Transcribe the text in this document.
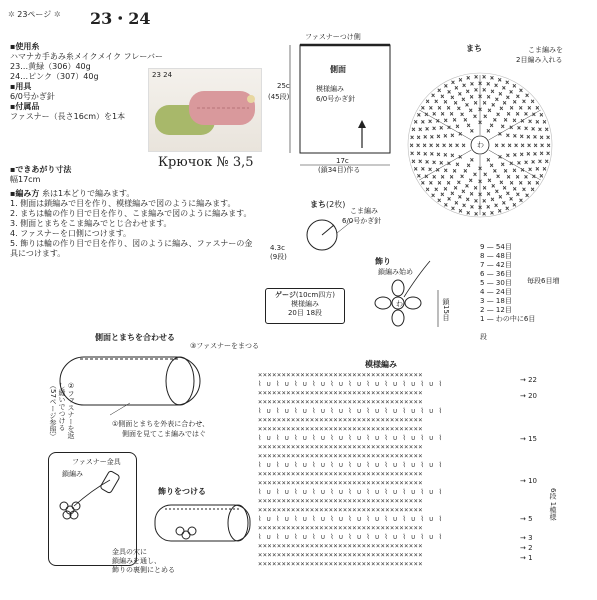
✲ 23ページ ✲ 23・24
▪使用糸
ハマナカ手あみ糸メイクメイク フレーバー
23…黄緑（306）40g
24…ピンク（307）40g
▪用具
6/0号かぎ針
▪付属品
ファスナー（長さ16cm）を1本
23 24
Крючок № 3,5
▪できあがり寸法
幅17cm
▪編み方 糸は1本どりで編みます。
1. 側面は鎖編みで目を作り、模様編みで図のように編みます。
2. まちは輪の作り目で目を作り、こま編みで図のように編みます。
3. 側面とまちをこま編みでとじ合わせます。
4. ファスナーを口側につけます。
5. 飾りは輪の作り目で目を作り、図のように編み、ファスナーの金具につけます。
ファスナーつけ側
側面
模様編み
6/0号かぎ針
25c
(45段)
17c
(鎖34目)作る
まち(2枚)
こま編み
6/0号かぎ針
4.3c
(9段)
ゲージ(10cm四方)
模様編み
20目 18段
まち	こま編みを
2目編み入れる
×
×
×
×
× ×
×
×
×
×
×
×
×
×
×
×
×
×
×
×
×
×
×
×
×
×
×
×
×
×
×
× ×
×
×
×
×
×
×
×
×
×
×
×
×
×
×
×
×
×
×
×
×
× × ×
×
×
×
×
×
×
×
×
×
×
×
×
×
×
×
×
×
×
×
×
×
×
×
×
×
× × × ×
×
×
×
×
×
×
×
×
×
×
×
×
×
×
×
×
×
×
×
×
×
×
×
×
×
×
×
×
×
×
× × × × ×
×
×
×
×
×
×
×
×
×
×
×
×
×
×
×
×
×
×
×
×
×
×
×
×
×
×
×
×
×
×
×
×
×
×
×
× × × × × ×
×
×
×
×
×
×
×
×
×
×
×
×
×
×
×
×
×
×
×
×
×
×
×
×
×
×
×
×
×
×
×
×
×
×
×
×
×
×
×
×
× × × × × × ×
×
×
×
×
×
×
×
×
×
×
×
×
×
×
×
×
×
×
×
×
×
×
×
×
×
×
×
×
×
×
×
×
×
×
×
×
×
×
×
×
×
×
×
×
×
× × × × × × × ×
×
×
×
×
×
×
×
×
×
わ
9 — 54目
8 — 48目
7 — 42目
6 — 36目
5 — 30目
4 — 24目
3 — 18目
2 — 12目
1 — わの中に6目
毎段6目増
段
飾り
鎖編み始め
わ	鎖15目
側面とまちを合わせる
③ファスナーをまつる
②ファスナーを返し縫いでつける（57ページ参照）	①側面とまちを外表に合わせ、
側面を見てこま編みではぐ
ファスナー金具
鎖編み
飾りをつける
金具の穴に
鎖編みを通し、
飾りの裏側にとめる
模様編み
×××××××××××××××××××××××××××××××××××
⌇ ∪ ⌇ ∪ ⌇ ∪ ⌇ ∪ ⌇ ∪ ⌇ ∪ ⌇ ∪ ⌇ ∪ ⌇ ∪ ⌇ ∪ ⌇
×××××××××××××××××××××××××××××××××××
×××××××××××××××××××××××××××××××××××
⌇ ∪ ⌇ ∪ ⌇ ∪ ⌇ ∪ ⌇ ∪ ⌇ ∪ ⌇ ∪ ⌇ ∪ ⌇ ∪ ⌇ ∪ ⌇
×××××××××××××××××××××××××××××××××××
×××××××××××××××××××××××××××××××××××
⌇ ∪ ⌇ ∪ ⌇ ∪ ⌇ ∪ ⌇ ∪ ⌇ ∪ ⌇ ∪ ⌇ ∪ ⌇ ∪ ⌇ ∪ ⌇
×××××××××××××××××××××××××××××××××××
×××××××××××××××××××××××××××××××××××
⌇ ∪ ⌇ ∪ ⌇ ∪ ⌇ ∪ ⌇ ∪ ⌇ ∪ ⌇ ∪ ⌇ ∪ ⌇ ∪ ⌇ ∪ ⌇
×××××××××××××××××××××××××××××××××××
×××××××××××××××××××××××××××××××××××
⌇ ∪ ⌇ ∪ ⌇ ∪ ⌇ ∪ ⌇ ∪ ⌇ ∪ ⌇ ∪ ⌇ ∪ ⌇ ∪ ⌇ ∪ ⌇
×××××××××××××××××××××××××××××××××××
×××××××××××××××××××××××××××××××××××
⌇ ∪ ⌇ ∪ ⌇ ∪ ⌇ ∪ ⌇ ∪ ⌇ ∪ ⌇ ∪ ⌇ ∪ ⌇ ∪ ⌇ ∪ ⌇
×××××××××××××××××××××××××××××××××××
⌇ ∪ ⌇ ∪ ⌇ ∪ ⌇ ∪ ⌇ ∪ ⌇ ∪ ⌇ ∪ ⌇ ∪ ⌇ ∪ ⌇ ∪ ⌇
×××××××××××××××××××××××××××××××××××
×××××××××××××××××××××××××××××××××××
×××××××××××××××××××××××××××××××××××
→ 22
→ 20
→ 15
→ 10
→ 5
→ 3
→ 2
→ 1
6段 1模様
